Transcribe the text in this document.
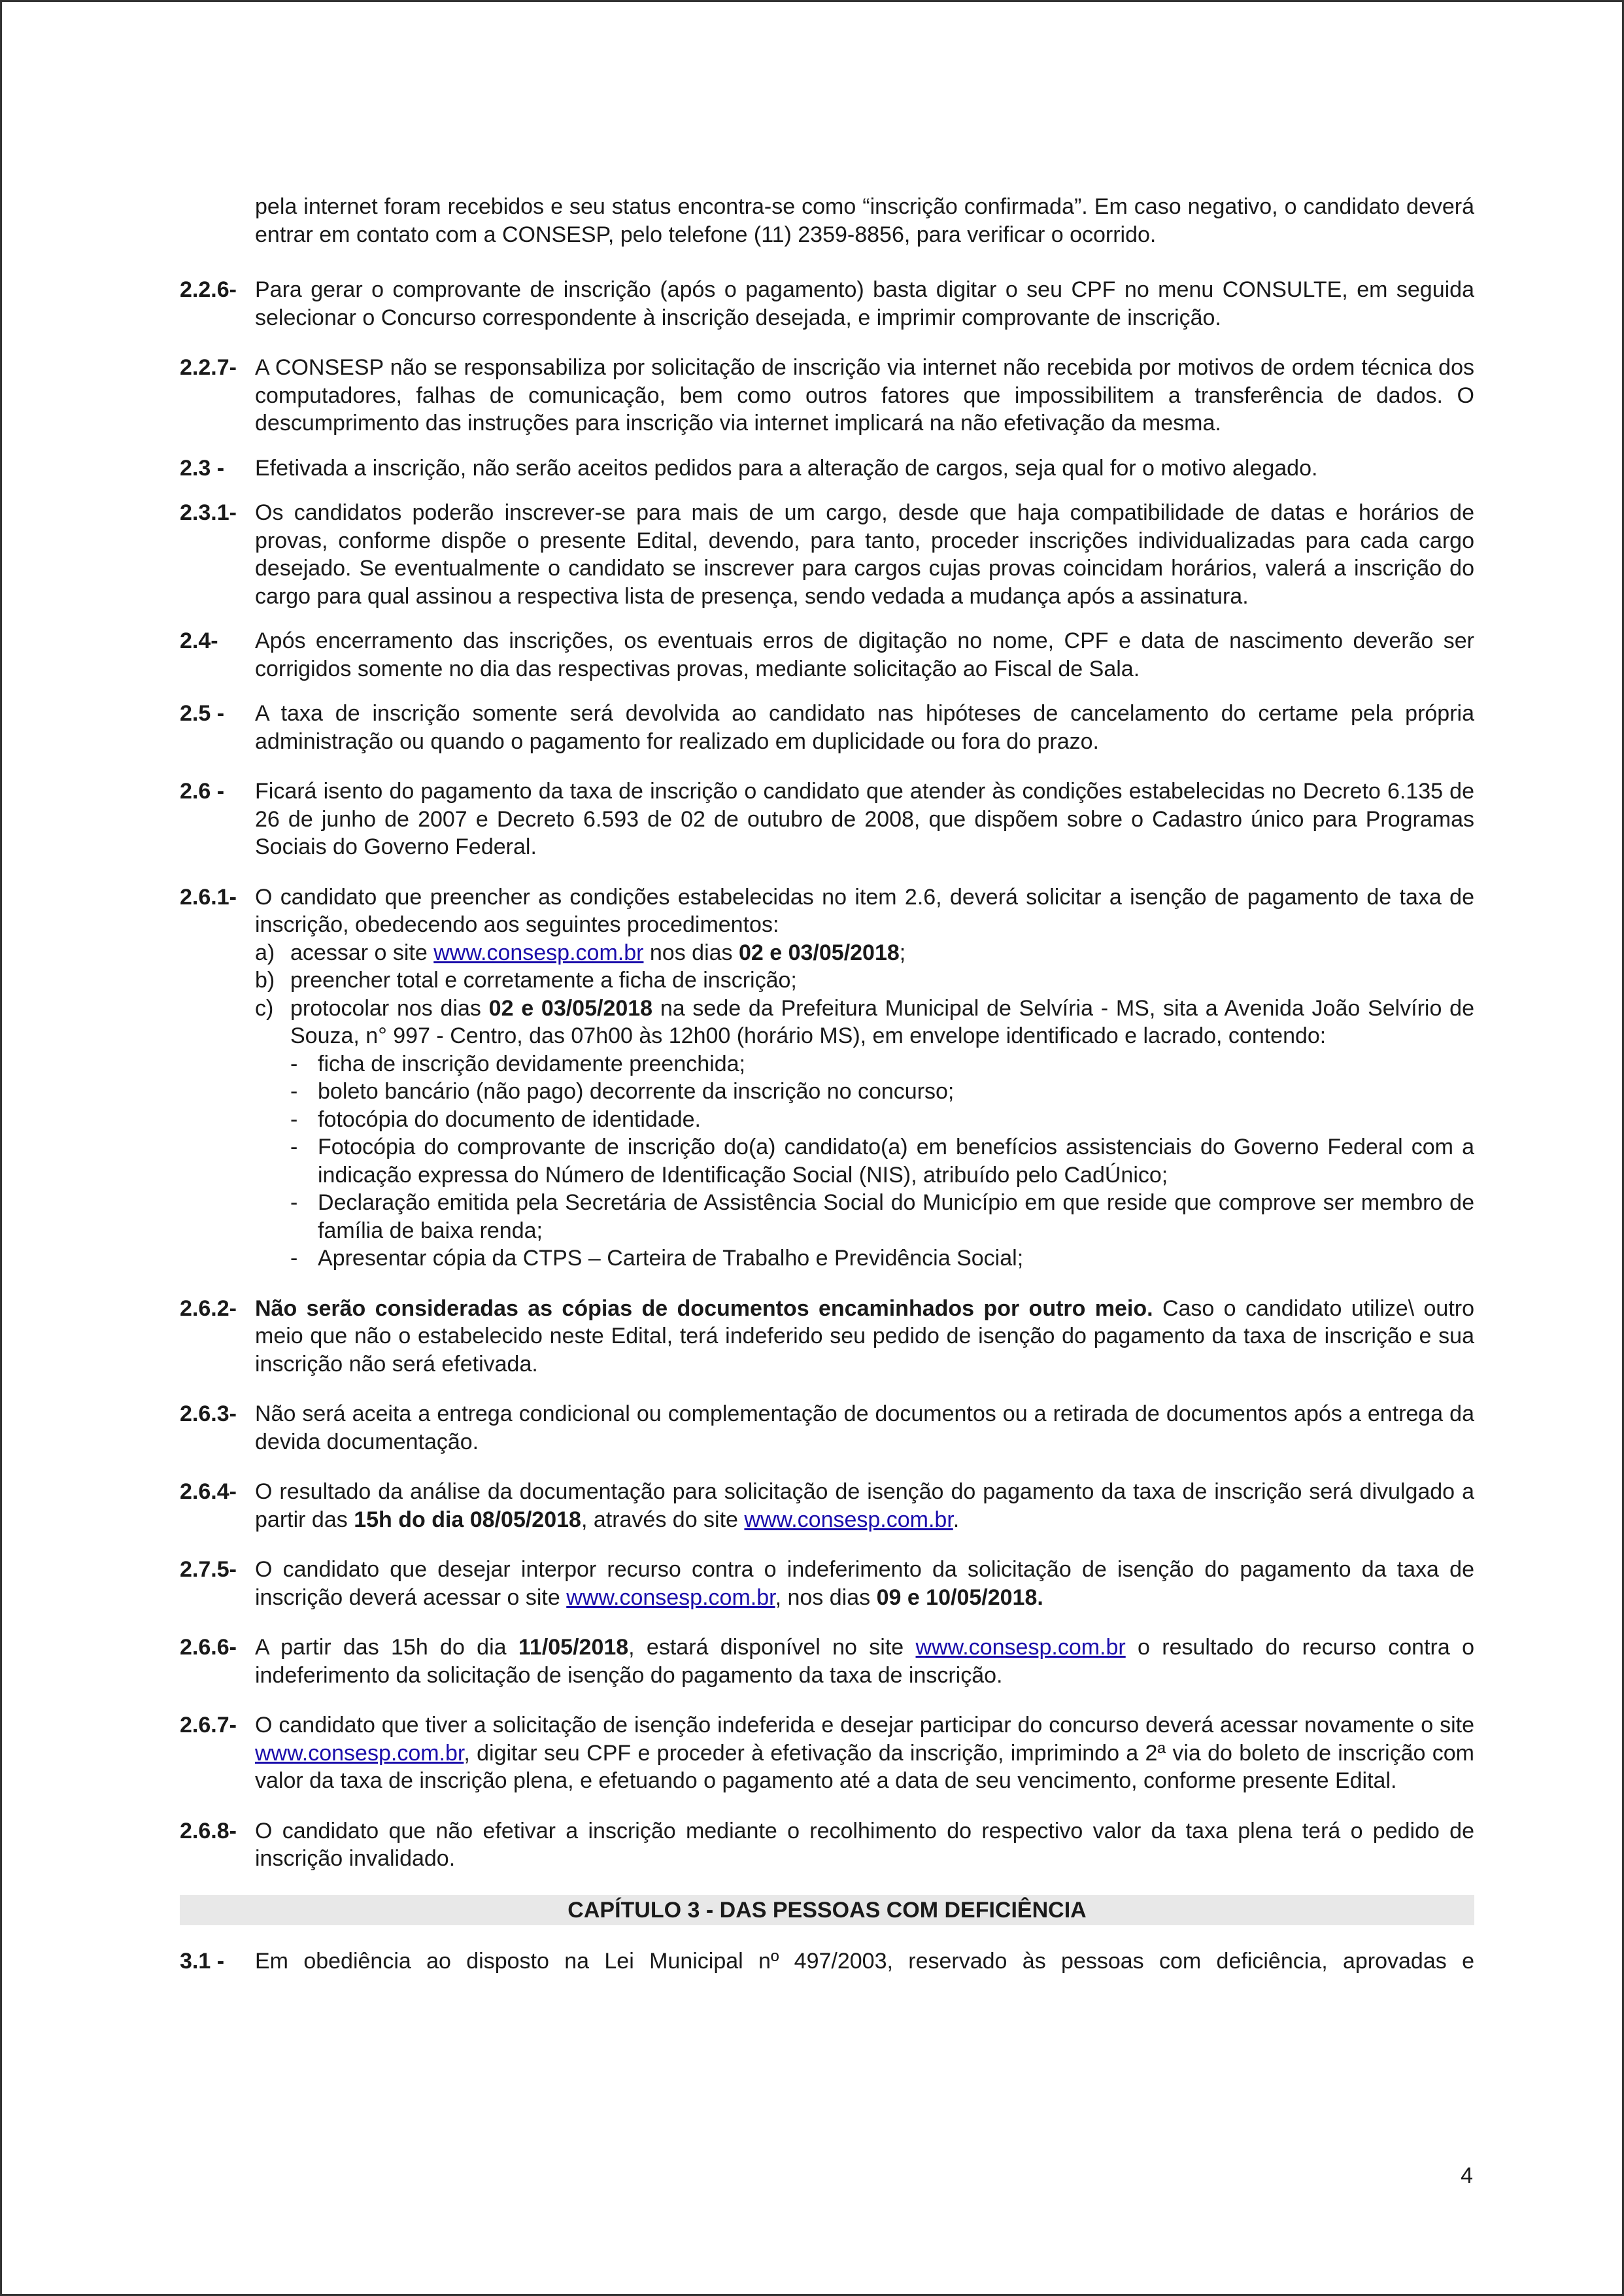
pela internet foram recebidos e seu status encontra-se como “inscrição confirmada”. Em caso negativo, o candidato deverá entrar em contato com a CONSESP, pelo telefone (11) 2359-8856, para verificar o ocorrido.

2.2.6- Para gerar o comprovante de inscrição (após o pagamento) basta digitar o seu CPF no menu CONSULTE, em seguida selecionar o Concurso correspondente à inscrição desejada, e imprimir comprovante de inscrição.
2.2.7- A CONSESP não se responsabiliza por solicitação de inscrição via internet não recebida por motivos de ordem técnica dos computadores, falhas de comunicação, bem como outros fatores que impossibilitem a transferência de dados. O descumprimento das instruções para inscrição via internet implicará na não efetivação da mesma.
2.3 -	Efetivada a inscrição, não serão aceitos pedidos para a alteração de cargos, seja qual for o motivo alegado.
2.3.1- Os candidatos poderão inscrever-se para mais de um cargo, desde que haja compatibilidade de datas e horários de provas, conforme dispõe o presente Edital, devendo, para tanto, proceder inscrições individualizadas para cada cargo desejado. Se eventualmente o candidato se inscrever para cargos cujas provas coincidam horários, valerá a inscrição do cargo para qual assinou a respectiva lista de presença, sendo vedada a mudança após a assinatura.
2.4-	Após encerramento das inscrições, os eventuais erros de digitação no nome, CPF e data de nascimento deverão ser corrigidos somente no dia das respectivas provas, mediante solicitação ao Fiscal de Sala.
2.5 -	A taxa de inscrição somente será devolvida ao candidato nas hipóteses de cancelamento do certame pela própria administração ou quando o pagamento for realizado em duplicidade ou fora do prazo.
2.6 -	Ficará isento do pagamento da taxa de inscrição o candidato que atender às condições estabelecidas no Decreto 6.135 de 26 de junho de 2007 e Decreto 6.593 de 02 de outubro de 2008, que dispõem sobre o Cadastro único para Programas Sociais do Governo Federal.
2.6.1- O candidato que preencher as condições estabelecidas no item 2.6, deverá solicitar a isenção de pagamento de taxa de inscrição, obedecendo aos seguintes procedimentos:

a) acessar o site www.consesp.com.br nos dias 02 e 03/05/2018;
b) preencher total e corretamente a ficha de inscrição;
c) protocolar nos dias 02 e 03/05/2018 na sede da Prefeitura Municipal de Selvíria - MS, sita a Avenida João Selvírio de Souza, n° 997 - Centro, das 07h00 às 12h00 (horário MS), em envelope identificado e lacrado, contendo:
- ficha de inscrição devidamente preenchida;
- boleto bancário (não pago) decorrente da inscrição no concurso;
- fotocópia do documento de identidade.
- Fotocópia do comprovante de inscrição do(a) candidato(a) em benefícios assistenciais do Governo Federal com a indicação expressa do Número de Identificação Social (NIS), atribuído pelo CadÚnico;
- Declaração emitida pela Secretária de Assistência Social do Município em que reside que comprove ser membro de família de baixa renda;
- Apresentar cópia da CTPS – Carteira de Trabalho e Previdência Social;
2.6.2- Não serão consideradas as cópias de documentos encaminhados por outro meio. Caso o candidato utilize\ outro meio que não o estabelecido neste Edital, terá indeferido seu pedido de isenção do pagamento da taxa de inscrição e sua inscrição não será efetivada.
2.6.3- Não será aceita a entrega condicional ou complementação de documentos ou a retirada de documentos após a entrega da devida documentação.
2.6.4- O resultado da análise da documentação para solicitação de isenção do pagamento da taxa de inscrição será divulgado a partir das 15h do dia 08/05/2018, através do site www.consesp.com.br.
2.7.5- O candidato que desejar interpor recurso contra o indeferimento da solicitação de isenção do pagamento da taxa de inscrição deverá acessar o site www.consesp.com.br, nos dias 09 e 10/05/2018.
2.6.6- A partir das 15h do dia 11/05/2018, estará disponível no site www.consesp.com.br o resultado do recurso contra o indeferimento da solicitação de isenção do pagamento da taxa de inscrição.
2.6.7- O candidato que tiver a solicitação de isenção indeferida e desejar participar do concurso deverá acessar novamente o site www.consesp.com.br, digitar seu CPF e proceder à efetivação da inscrição, imprimindo a 2ª via do boleto de inscrição com valor da taxa de inscrição plena, e efetuando o pagamento até a data de seu vencimento, conforme presente Edital.
2.6.8- O candidato que não efetivar a inscrição mediante o recolhimento do respectivo valor da taxa plena terá o pedido de inscrição invalidado.
CAPÍTULO 3 - DAS PESSOAS COM DEFICIÊNCIA
3.1 -	Em obediência ao disposto na Lei Municipal nº 497/2003, reservado às pessoas com deficiência, aprovadas e
4
